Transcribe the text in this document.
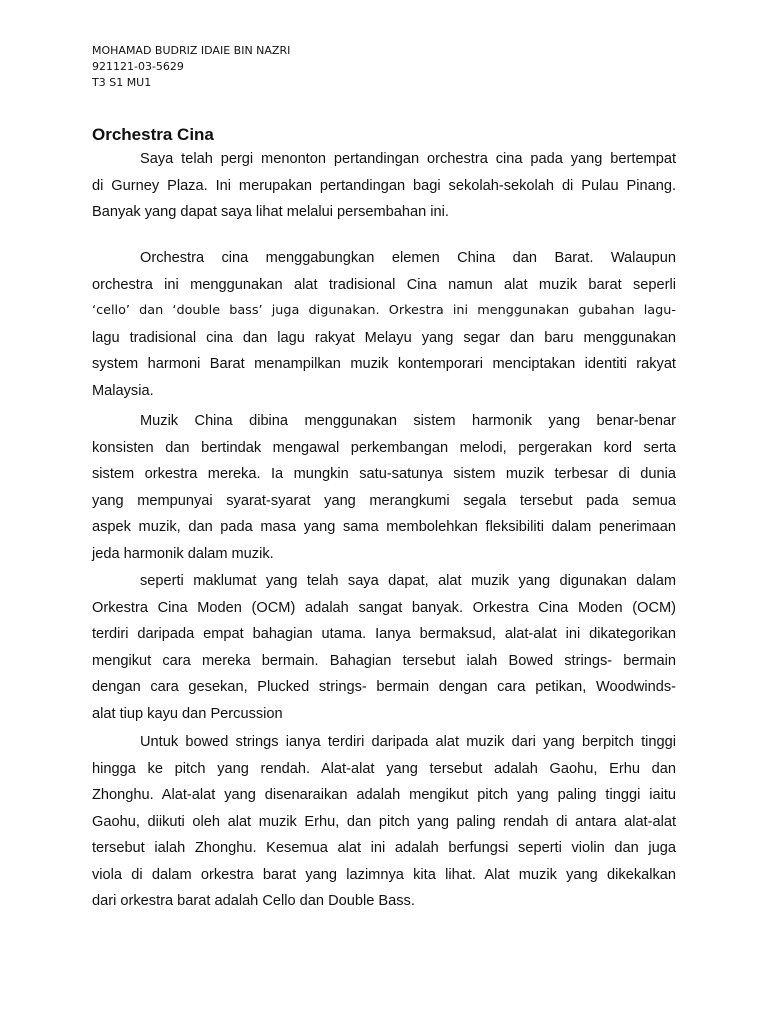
MOHAMAD BUDRIZ IDAIE BIN NAZRI
921121-03-5629
T3 S1 MU1
Orchestra Cina
Saya telah pergi menonton pertandingan orchestra cina pada yang bertempat
di Gurney Plaza. Ini merupakan pertandingan bagi sekolah-sekolah di Pulau Pinang.
Banyak yang dapat saya lihat melalui persembahan ini.
Orchestra cina menggabungkan elemen China dan Barat. Walaupun
orchestra ini menggunakan alat tradisional Cina namun alat muzik barat seperli
‘cello’ dan ‘double bass’ juga digunakan. Orkestra ini menggunakan gubahan lagu-
lagu tradisional cina dan lagu rakyat Melayu yang segar dan baru menggunakan
system harmoni Barat menampilkan muzik kontemporari menciptakan identiti rakyat
Malaysia.
Muzik China dibina menggunakan sistem harmonik yang benar-benar
konsisten dan bertindak mengawal perkembangan melodi, pergerakan kord serta
sistem orkestra mereka. Ia mungkin satu-satunya sistem muzik terbesar di dunia
yang mempunyai syarat-syarat yang merangkumi segala tersebut pada semua
aspek muzik, dan pada masa yang sama membolehkan fleksibiliti dalam penerimaan
jeda harmonik dalam muzik.
seperti maklumat yang telah saya dapat, alat muzik yang digunakan dalam
Orkestra Cina Moden (OCM) adalah sangat banyak. Orkestra Cina Moden (OCM)
terdiri daripada empat bahagian utama. Ianya bermaksud, alat-alat ini dikategorikan
mengikut cara mereka bermain. Bahagian tersebut ialah Bowed strings- bermain
dengan cara gesekan, Plucked strings- bermain dengan cara petikan, Woodwinds-
alat tiup kayu dan Percussion
Untuk bowed strings ianya terdiri daripada alat muzik dari yang berpitch tinggi
hingga ke pitch yang rendah. Alat-alat yang tersebut adalah Gaohu, Erhu dan
Zhonghu. Alat-alat yang disenaraikan adalah mengikut pitch yang paling tinggi iaitu
Gaohu, diikuti oleh alat muzik Erhu, dan pitch yang paling rendah di antara alat-alat
tersebut ialah Zhonghu. Kesemua alat ini adalah berfungsi seperti violin dan juga
viola di dalam orkestra barat yang lazimnya kita lihat. Alat muzik yang dikekalkan
dari orkestra barat adalah Cello dan Double Bass.
